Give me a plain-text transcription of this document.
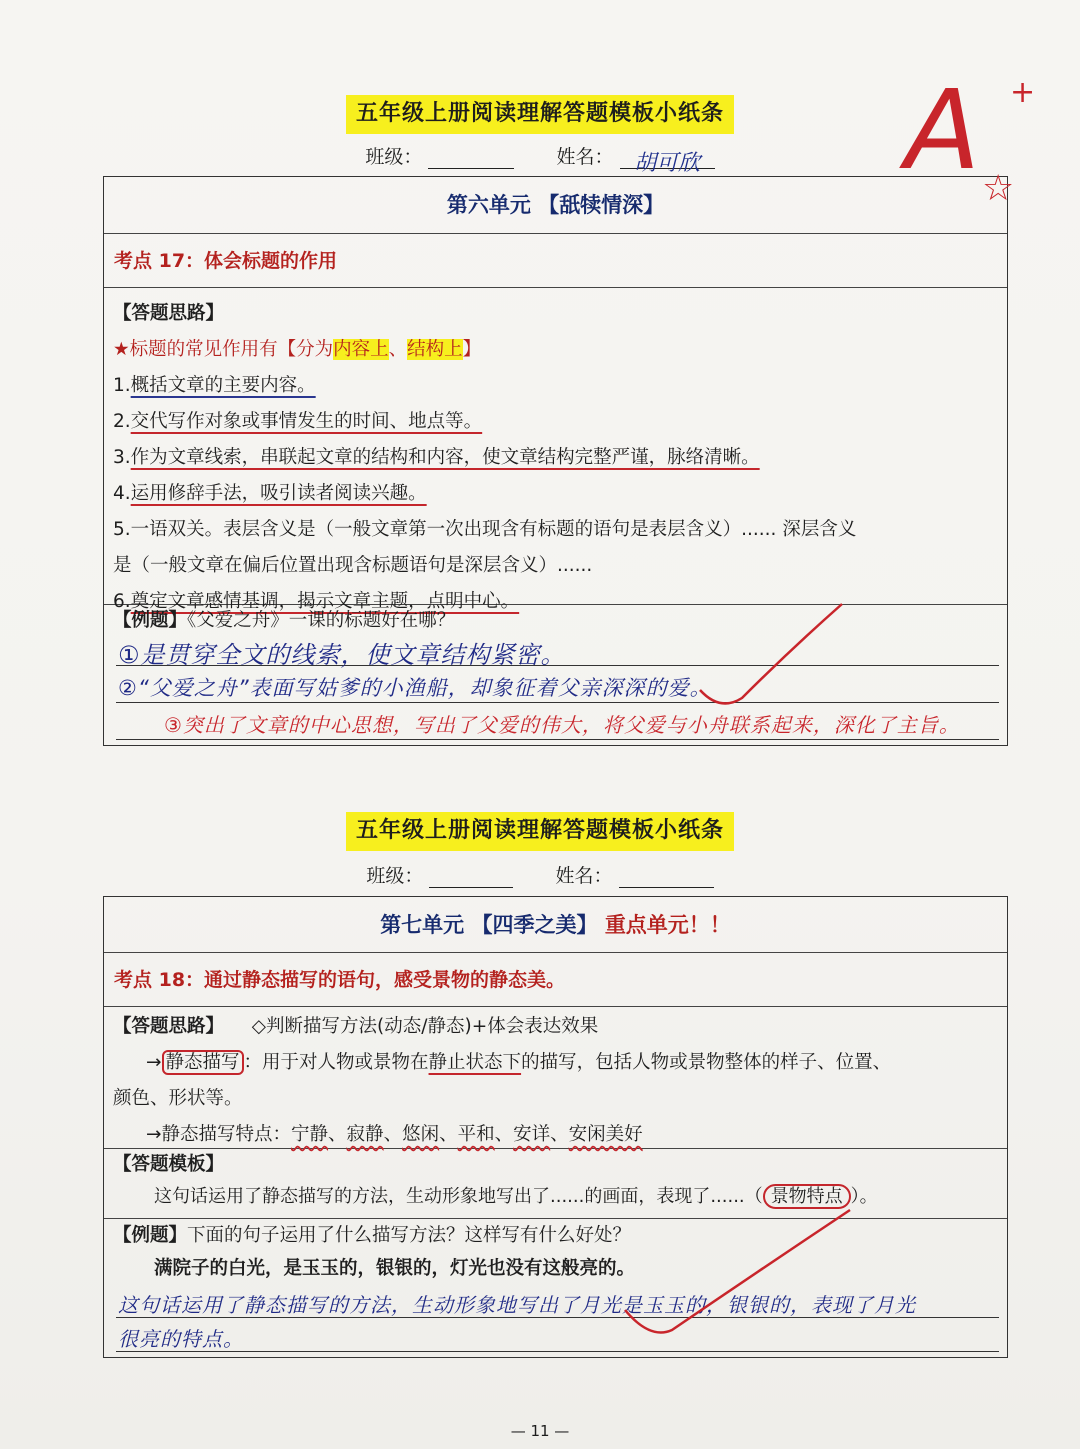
五年级上册阅读理解答题模板小纸条
班级：	姓名： 胡可欣
第六单元 【舐犊情深】
考点 17：体会标题的作用
【答题思路】
★标题的常见作用有【分为内容上、结构上】
1.概括文章的主要内容。
2.交代写作对象或事情发生的时间、地点等。
3.作为文章线索，串联起文章的结构和内容，使文章结构完整严谨，脉络清晰。
4.运用修辞手法，吸引读者阅读兴趣。
5.一语双关。表层含义是（一般文章第一次出现含有标题的语句是表层含义）...... 深层含义
是（一般文章在偏后位置出现含标题语句是深层含义）......
6.奠定文章感情基调，揭示文章主题，点明中心。
【例题】《父爱之舟》一课的标题好在哪？
①是贯穿全文的线索，使文章结构紧密。
②“父爱之舟”表面写姑爹的小渔船，却象征着父亲深深的爱。
③突出了文章的中心思想，写出了父爱的伟大，将父爱与小舟联系起来，深化了主旨。
A +
☆
五年级上册阅读理解答题模板小纸条
班级：	姓名：
第七单元 【四季之美】 重点单元！！
考点 18：通过静态描写的语句，感受景物的静态美。
【答题思路】 ◇判断描写方法(动态/静态)+体会表达效果
→ 静态描写 ：用于对人物或景物在静止状态下的描写，包括人物或景物整体的样子、位置、
颜色、形状等。
→静态描写特点：宁静、寂静、悠闲、平和、安详、安闲美好
【答题模板】
这句话运用了静态描写的方法，生动形象地写出了......的画面，表现了......（ 景物特点 ）。
【例题】下面的句子运用了什么描写方法？这样写有什么好处？
满院子的白光，是玉玉的，银银的，灯光也没有这般亮的。
这句话运用了静态描写的方法，生动形象地写出了月光是玉玉的，银银的，表现了月光
很亮的特点。
— 11 —
